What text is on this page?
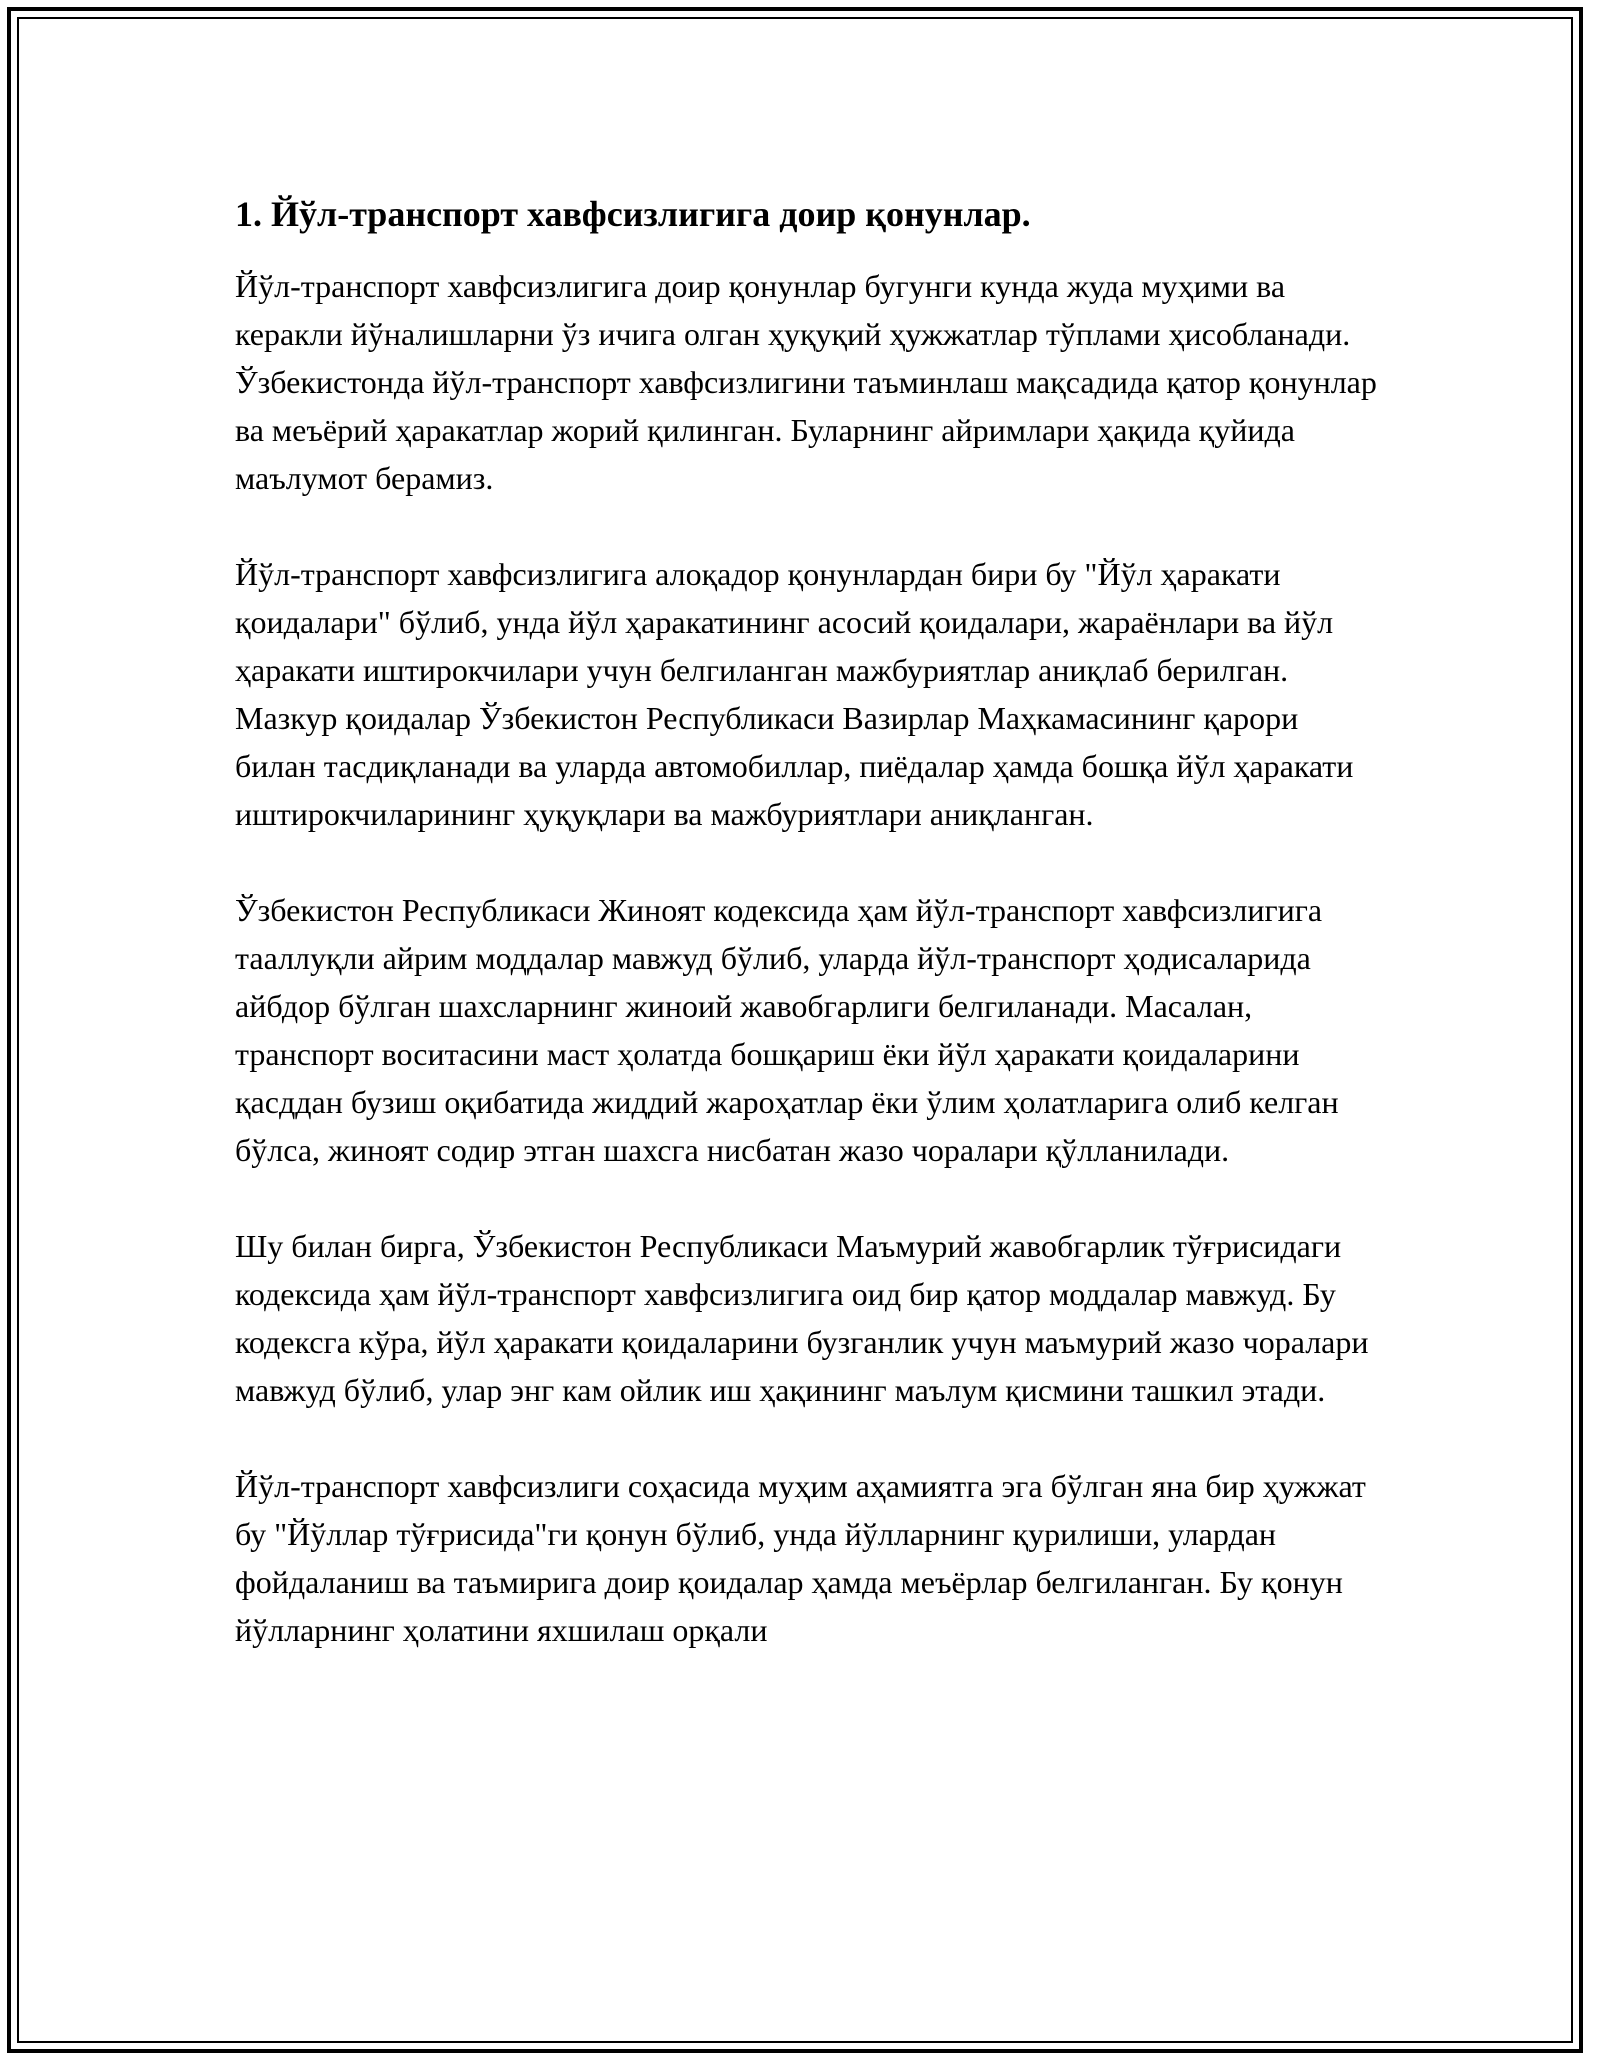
1. Йўл-транспорт хавфсизлигига доир қонунлар.

Йўл-транспорт хавфсизлигига доир қонунлар бугунги кунда жуда муҳими ва керакли йўналишларни ўз ичига олган ҳуқуқий ҳужжатлар тўплами ҳисобланади. Ўзбекистонда йўл-транспорт хавфсизлигини таъминлаш мақсадида қатор қонунлар ва меъёрий ҳаракатлар жорий қилинган. Буларнинг айримлари ҳақида қуйида маълумот берамиз.

Йўл-транспорт хавфсизлигига алоқадор қонунлардан бири бу "Йўл ҳаракати қоидалари" бўлиб, унда йўл ҳаракатининг асосий қоидалари, жараёнлари ва йўл ҳаракати иштирокчилари учун белгиланган мажбуриятлар аниқлаб берилган. Мазкур қоидалар Ўзбекистон Республикаси Вазирлар Маҳкамасининг қарори билан тасдиқланади ва уларда автомобиллар, пиёдалар ҳамда бошқа йўл ҳаракати иштирокчиларининг ҳуқуқлари ва мажбуриятлари аниқланган.

Ўзбекистон Республикаси Жиноят кодексида ҳам йўл-транспорт хавфсизлигига тааллуқли айрим моддалар мавжуд бўлиб, уларда йўл-транспорт ҳодисаларида айбдор бўлган шахсларнинг жиноий жавобгарлиги белгиланади. Масалан, транспорт воситасини маст ҳолатда бошқариш ёки йўл ҳаракати қоидаларини қасддан бузиш оқибатида жиддий жароҳатлар ёки ўлим ҳолатларига олиб келган бўлса, жиноят содир этган шахсга нисбатан жазо чоралари қўлланилади.

Шу билан бирга, Ўзбекистон Республикаси Маъмурий жавобгарлик тўғрисидаги кодексида ҳам йўл-транспорт хавфсизлигига оид бир қатор моддалар мавжуд. Бу кодексга кўра, йўл ҳаракати қоидаларини бузганлик учун маъмурий жазо чоралари мавжуд бўлиб, улар энг кам ойлик иш ҳақининг маълум қисмини ташкил этади.

Йўл-транспорт хавфсизлиги соҳасида муҳим аҳамиятга эга бўлган яна бир ҳужжат бу "Йўллар тўғрисида"ги қонун бўлиб, унда йўлларнинг қурилиши, улардан фойдаланиш ва таъмирига доир қоидалар ҳамда меъёрлар белгиланган. Бу қонун йўлларнинг ҳолатини яхшилаш орқали
